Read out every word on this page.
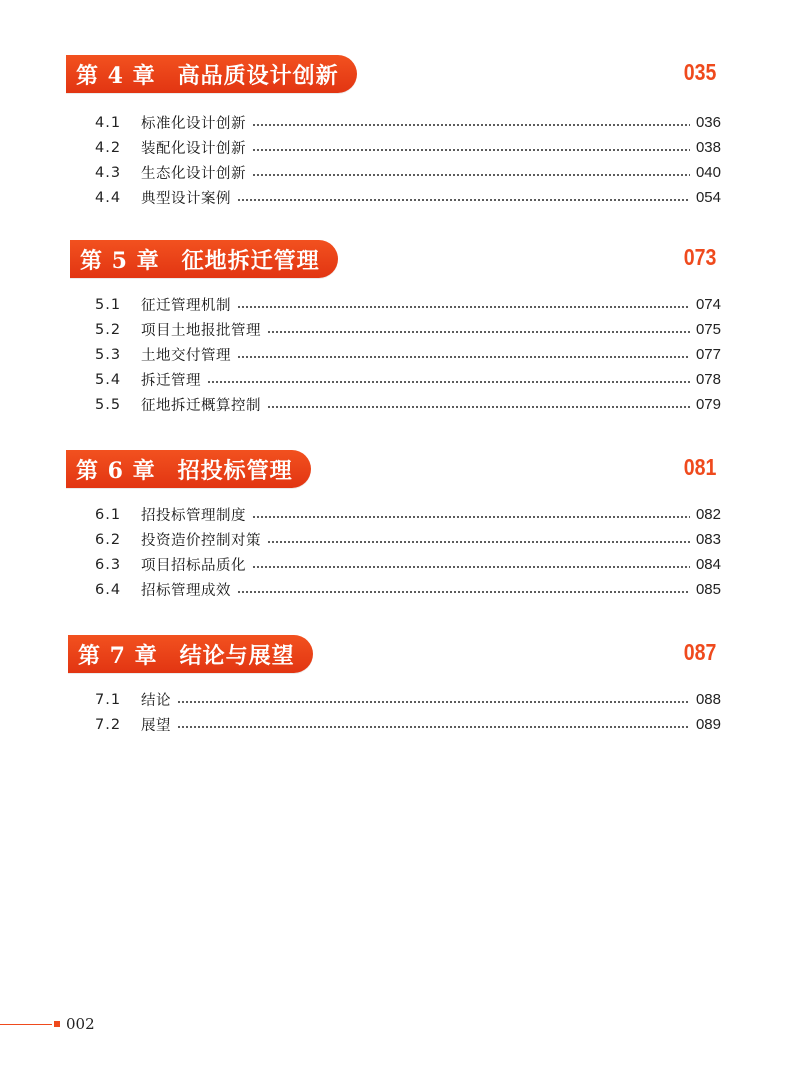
第 4 章 高品质设计创新	035
4.1	标准化设计创新	036
4.2	装配化设计创新	038
4.3	生态化设计创新	040
4.4	典型设计案例	054
第 5 章 征地拆迁管理	073
5.1	征迁管理机制	074
5.2	项目土地报批管理	075
5.3	土地交付管理	077
5.4	拆迁管理	078
5.5	征地拆迁概算控制	079
第 6 章 招投标管理	081
6.1	招投标管理制度	082
6.2	投资造价控制对策	083
6.3	项目招标品质化	084
6.4	招标管理成效	085
第 7 章 结论与展望	087
7.1	结论	088
7.2	展望	089
002
